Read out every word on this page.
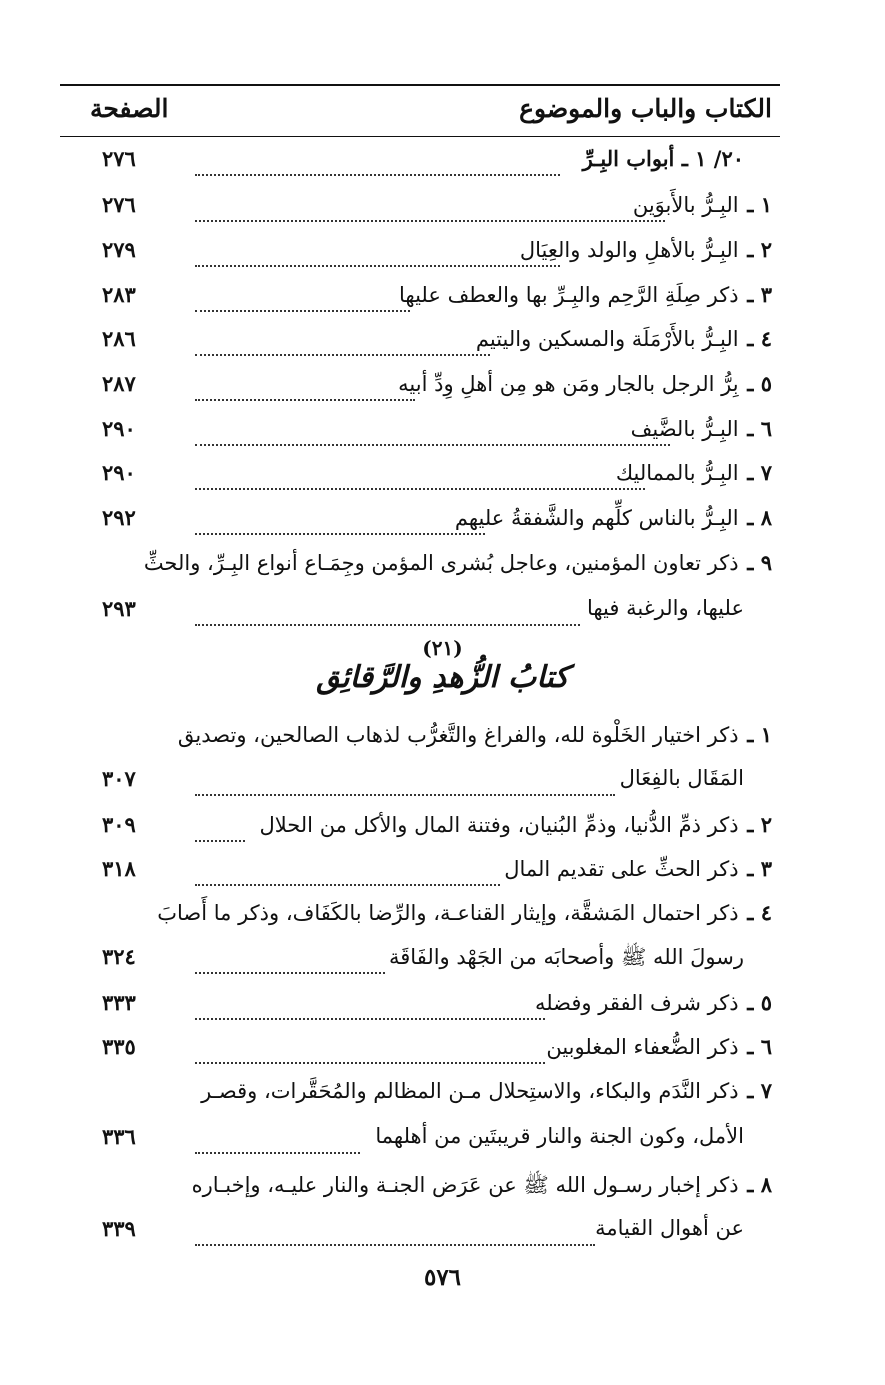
الكتاب والباب والموضوع
الصفحة
٢٠/ ١ ـ أبواب البِـرِّ
٢٧٦
١ ـ

البِـرُّ بالأَبوَين
٢٧٦
٢ ـ

البِـرُّ بالأهلِ والولد والعِيَال
٢٧٩
٣ ـ

ذكر صِلَةِ الرَّحِم والبِـرِّ بها والعطف عليها
٢٨٣
٤ ـ

البِـرُّ بالأَرْمَلَة والمسكين واليتيم
٢٨٦
٥ ـ

بِرُّ الرجل بالجار ومَن هو مِن أهلِ وِدِّ أبيه
٢٨٧
٦ ـ

البِـرُّ بالضَّيف
٢٩٠
٧ ـ

البِـرُّ بالمماليك
٢٩٠
٨ ـ

البِـرُّ بالناس كلِّهم والشَّفقةُ عليهم
٢٩٢
٩ ـ

ذكر تعاون المؤمنين، وعاجل بُشرى المؤمن وجِمَـاع أنواع البِـرِّ، والحثِّ
عليها، والرغبة فيها
٢٩٣
(٢١)
كتابُ الزُّهدِ والرَّقائِق
١ ـ

ذكر اختيار الخَلْوة لله، والفراغ والتَّغرُّب لذهاب الصالحين، وتصديق
المَقَال بالفِعَال
٣٠٧
٢ ـ

ذكر ذمِّ الدُّنيا، وذمِّ البُنيان، وفتنة المال والأكل من الحلال
٣٠٩
٣ ـ

ذكر الحثِّ على تقديم المال
٣١٨
٤ ـ

ذكر احتمال المَشقَّة، وإيثار القناعـة، والرِّضا بالكَفَاف، وذكر ما أَصابَ
رسولَ الله ﷺ وأصحابَه من الجَهْد والفَاقَة
٣٢٤
٥ ـ

ذكر شرف الفقر وفضله
٣٣٣
٦ ـ

ذكر الضُّعفاء المغلوبين
٣٣٥
٧ ـ

ذكر النَّدَم والبكاء، والاستِحلال مـن المظالم والمُحَقَّرات، وقصـر
الأمل، وكون الجنة والنار قريبتَين من أهلهما
٣٣٦
٨ ـ

ذكر إخبار رسـول الله ﷺ عن عَرَض الجنـة والنار عليـه، وإخبـاره
عن أهوال القيامة
٣٣٩
٥٧٦
